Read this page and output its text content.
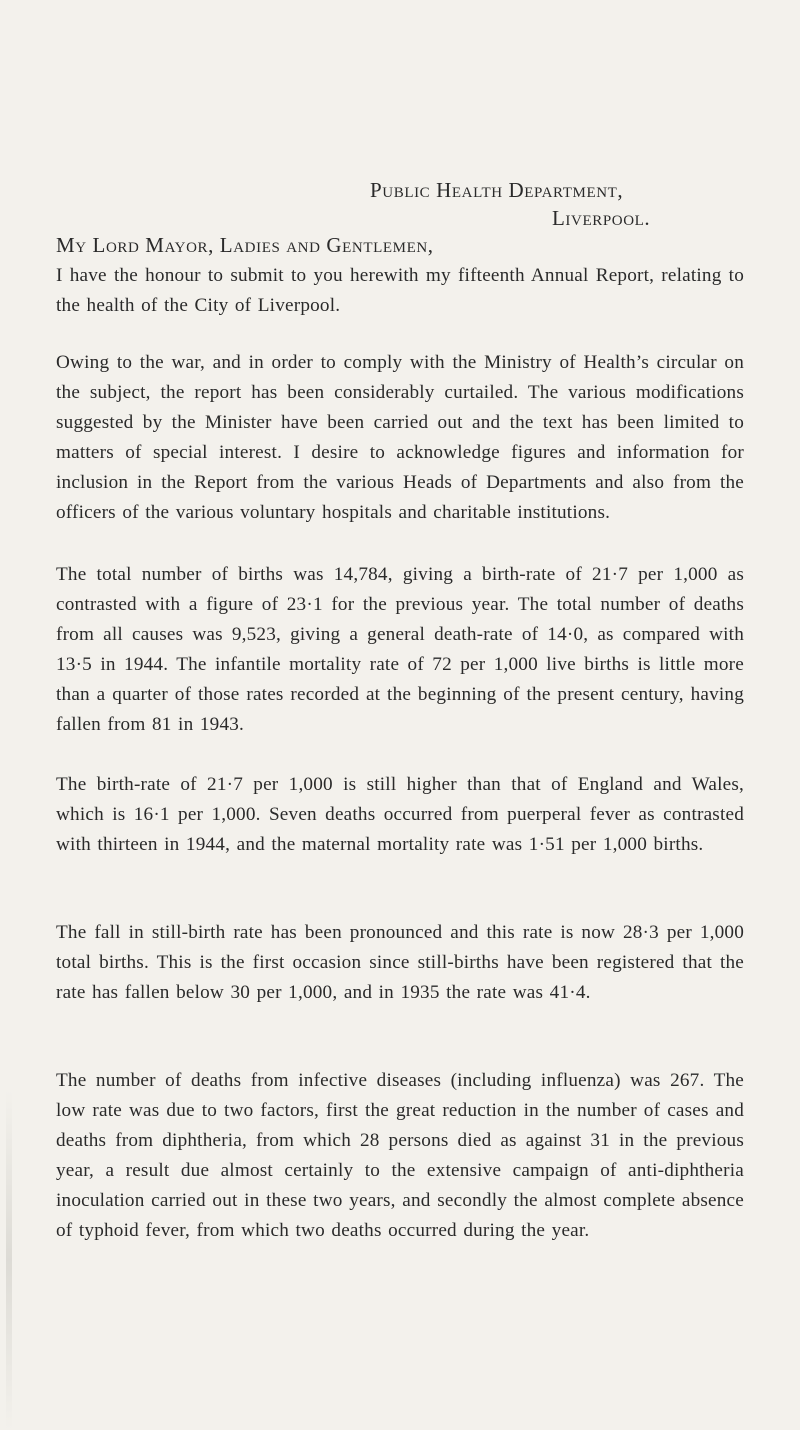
Public Health Department,
Liverpool.
My Lord Mayor, Ladies and Gentlemen,

I have the honour to submit to you herewith my fifteenth Annual Report, relating to the health of the City of Liverpool.

Owing to the war, and in order to comply with the Ministry of Health’s circular on the subject, the report has been considerably curtailed. The various modifications suggested by the Minister have been carried out and the text has been limited to matters of special interest. I desire to acknowledge figures and information for inclusion in the Report from the various Heads of Departments and also from the officers of the various voluntary hospitals and charitable institutions.

The total number of births was 14,784, giving a birth-rate of 21·7 per 1,000 as contrasted with a figure of 23·1 for the previous year. The total number of deaths from all causes was 9,523, giving a general death-rate of 14·0, as compared with 13·5 in 1944. The infantile mortality rate of 72 per 1,000 live births is little more than a quarter of those rates recorded at the beginning of the present century, having fallen from 81 in 1943.

The birth-rate of 21·7 per 1,000 is still higher than that of England and Wales, which is 16·1 per 1,000. Seven deaths occurred from puerperal fever as contrasted with thirteen in 1944, and the maternal mortality rate was 1·51 per 1,000 births.

The fall in still-birth rate has been pronounced and this rate is now 28·3 per 1,000 total births. This is the first occasion since still-births have been registered that the rate has fallen below 30 per 1,000, and in 1935 the rate was 41·4.

The number of deaths from infective diseases (including influenza) was 267. The low rate was due to two factors, first the great reduction in the number of cases and deaths from diphtheria, from which 28 persons died as against 31 in the previous year, a result due almost certainly to the extensive campaign of anti-diphtheria inoculation carried out in these two years, and secondly the almost complete absence of typhoid fever, from which two deaths occurred during the year.
